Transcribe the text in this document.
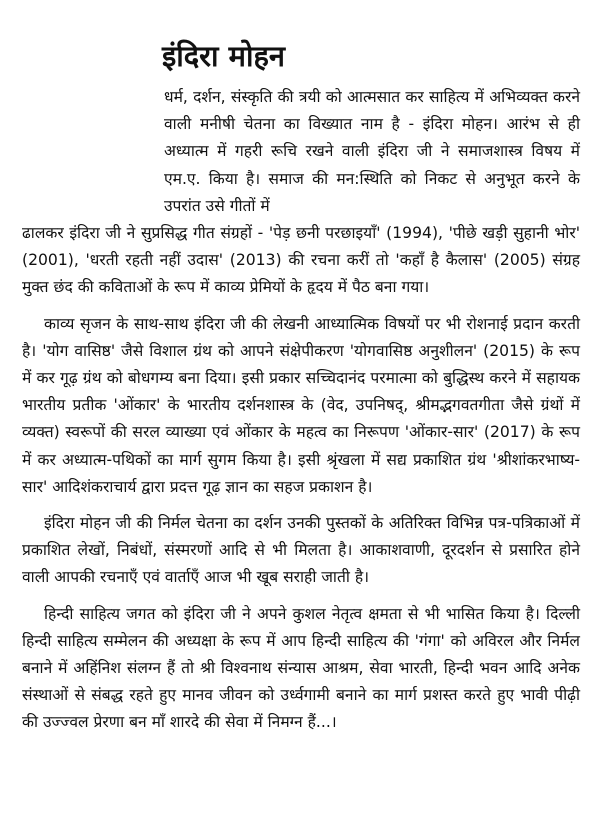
इंदिरा मोहन

धर्म, दर्शन, संस्कृति की त्रयी को आत्मसात कर साहित्य में अभिव्यक्त करने वाली मनीषी चेतना का विख्यात नाम है - इंदिरा मोहन। आरंभ से ही अध्यात्म में गहरी रूचि रखने वाली इंदिरा जी ने समाजशास्त्र विषय में एम.ए. किया है। समाज की मन:स्थिति को निकट से अनुभूत करने के उपरांत उसे गीतों में
ढालकर इंदिरा जी ने सुप्रसिद्ध गीत संग्रहों - 'पेड़ छनी परछाइयाँ' (1994), 'पीछे खड़ी सुहानी भोर' (2001), 'धरती रहती नहीं उदास' (2013) की रचना करीं तो 'कहाँ है कैलास' (2005) संग्रह मुक्त छंद की कविताओं के रूप में काव्य प्रेमियों के हृदय में पैठ बना गया।

काव्य सृजन के साथ-साथ इंदिरा जी की लेखनी आध्यात्मिक विषयों पर भी रोशनाई प्रदान करती है। 'योग वासिष्ठ' जैसे विशाल ग्रंथ को आपने संक्षेपीकरण 'योगवासिष्ठ अनुशीलन' (2015) के रूप में कर गूढ़ ग्रंथ को बोधगम्य बना दिया। इसी प्रकार सच्चिदानंद परमात्मा को बुद्धिस्थ करने में सहायक भारतीय प्रतीक 'ओंकार' के भारतीय दर्शनशास्त्र के (वेद, उपनिषद्, श्रीमद्भगवतगीता जैसे ग्रंथों में व्यक्त) स्वरूपों की सरल व्याख्या एवं ओंकार के महत्व का निरूपण 'ओंकार-सार' (2017) के रूप में कर अध्यात्म-पथिकों का मार्ग सुगम किया है। इसी श्रृंखला में सद्य प्रकाशित ग्रंथ 'श्रीशांकरभाष्य-सार' आदिशंकराचार्य द्वारा प्रदत्त गूढ़ ज्ञान का सहज प्रकाशन है।

इंदिरा मोहन जी की निर्मल चेतना का दर्शन उनकी पुस्तकों के अतिरिक्त विभिन्न पत्र-पत्रिकाओं में प्रकाशित लेखों, निबंधों, संस्मरणों आदि से भी मिलता है। आकाशवाणी, दूरदर्शन से प्रसारित होने वाली आपकी रचनाएँ एवं वार्ताएँ आज भी खूब सराही जाती है।

हिन्दी साहित्य जगत को इंदिरा जी ने अपने कुशल नेतृत्व क्षमता से भी भासित किया है। दिल्ली हिन्दी साहित्य सम्मेलन की अध्यक्षा के रूप में आप हिन्दी साहित्य की 'गंगा' को अविरल और निर्मल बनाने में अहिंनिश संलग्न हैं तो श्री विश्वनाथ संन्यास आश्रम, सेवा भारती, हिन्दी भवन आदि अनेक संस्थाओं से संबद्ध रहते हुए मानव जीवन को उर्ध्वगामी बनाने का मार्ग प्रशस्त करते हुए भावी पीढ़ी की उज्ज्वल प्रेरणा बन माँ शारदे की सेवा में निमग्न हैं...।
